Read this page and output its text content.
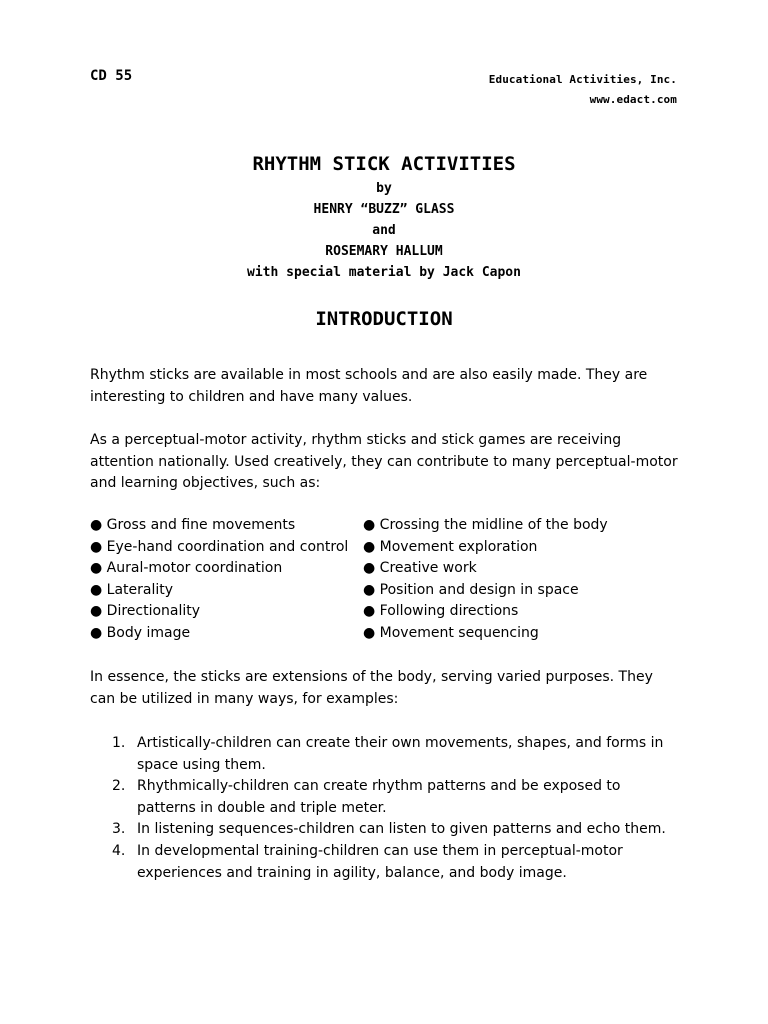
CD 55	Educational Activities, Inc.
www.edact.com
RHYTHM STICK ACTIVITIES
by
HENRY “BUZZ” GLASS
and
ROSEMARY HALLUM
with special material by Jack Capon
INTRODUCTION

Rhythm sticks are available in most schools and are also easily made. They are interesting to children and have many values.

As a perceptual-motor activity, rhythm sticks and stick games are receiving attention nationally. Used creatively, they can contribute to many perceptual-motor and learning objectives, such as:

● Gross and fine movements
● Eye-hand coordination and control
● Aural-motor coordination
● Laterality
● Directionality
● Body image
● Crossing the midline of the body
● Movement exploration
● Creative work
● Position and design in space
● Following directions
● Movement sequencing

In essence, the sticks are extensions of the body, serving varied purposes. They can be utilized in many ways, for examples:

1. Artistically-children can create their own movements, shapes, and forms in space using them.
2. Rhythmically-children can create rhythm patterns and be exposed to patterns in double and triple meter.
3. In listening sequences-children can listen to given patterns and echo them.
4. In developmental training-children can use them in perceptual-motor experiences and training in agility, balance, and body image.
